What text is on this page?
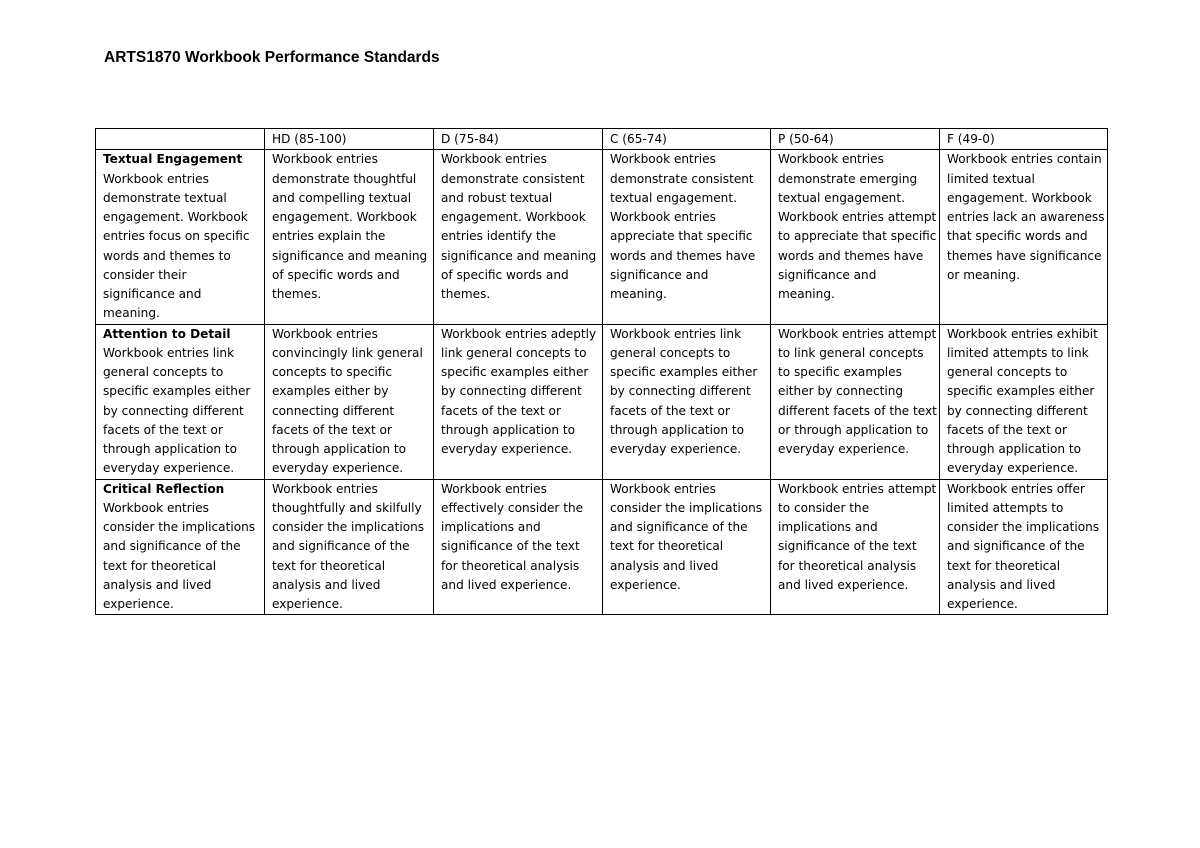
ARTS1870 Workbook Performance Standards
	HD (85-100)	D (75-84)	C (65-74)	P (50-64)	F (49-0)

Textual Engagement
Workbook entries demonstrate textual engagement. Workbook entries focus on specific words and themes to consider their significance and meaning.	Workbook entries demonstrate thoughtful and compelling textual engagement. Workbook entries explain the significance and meaning of specific words and themes.	Workbook entries demonstrate consistent and robust textual engagement. Workbook entries identify the significance and meaning of specific words and themes.	Workbook entries demonstrate consistent textual engagement. Workbook entries appreciate that specific words and themes have significance and meaning.	Workbook entries demonstrate emerging textual engagement. Workbook entries attempt to appreciate that specific words and themes have significance and meaning.	Workbook entries contain limited textual engagement. Workbook entries lack an awareness that specific words and themes have significance or meaning.

Attention to Detail
Workbook entries link general concepts to specific examples either by connecting different facets of the text or through application to everyday experience.	Workbook entries convincingly link general concepts to specific examples either by connecting different facets of the text or through application to everyday experience.	Workbook entries adeptly link general concepts to specific examples either by connecting different facets of the text or through application to everyday experience.	Workbook entries link general concepts to specific examples either by connecting different facets of the text or through application to everyday experience.	Workbook entries attempt to link general concepts to specific examples either by connecting different facets of the text or through application to everyday experience.	Workbook entries exhibit limited attempts to link general concepts to specific examples either by connecting different facets of the text or through application to everyday experience.

Critical Reflection
Workbook entries consider the implications and significance of the text for theoretical analysis and lived experience.	Workbook entries thoughtfully and skilfully consider the implications and significance of the text for theoretical analysis and lived experience.	Workbook entries effectively consider the implications and significance of the text for theoretical analysis and lived experience.	Workbook entries consider the implications and significance of the text for theoretical analysis and lived experience.	Workbook entries attempt to consider the implications and significance of the text for theoretical analysis and lived experience.	Workbook entries offer limited attempts to consider the implications and significance of the text for theoretical analysis and lived experience.
